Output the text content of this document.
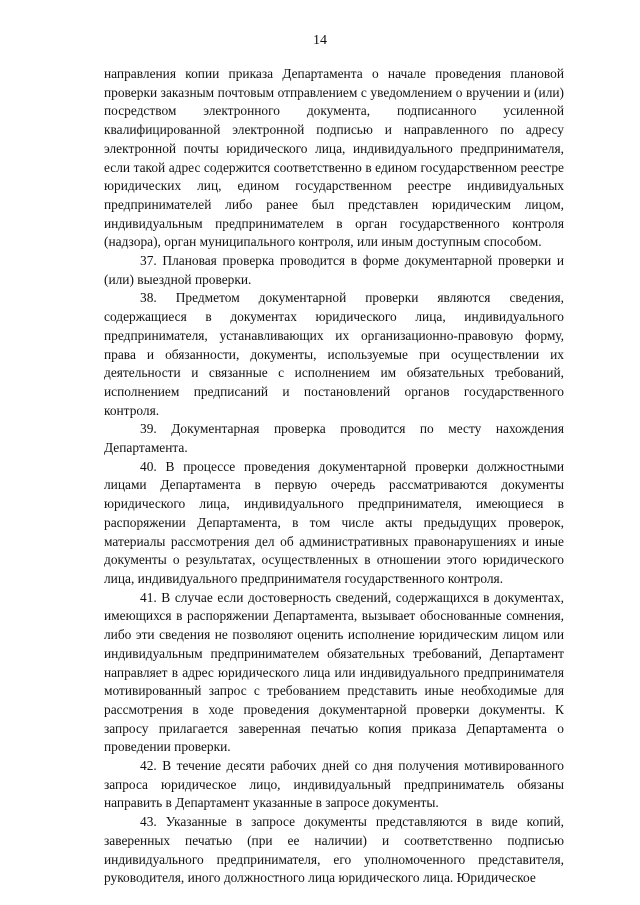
14

направления копии приказа Департамента о начале проведения плановой проверки заказным почтовым отправлением с уведомлением о вручении и (или) посредством электронного документа, подписанного усиленной квалифицированной электронной подписью и направленного по адресу электронной почты юридического лица, индивидуального предпринимателя, если такой адрес содержится соответственно в едином государственном реестре юридических лиц, едином государственном реестре индивидуальных предпринимателей либо ранее был представлен юридическим лицом, индивидуальным предпринимателем в орган государственного контроля (надзора), орган муниципального контроля, или иным доступным способом.

37. Плановая проверка проводится в форме документарной проверки и (или) выездной проверки.

38. Предметом документарной проверки являются сведения, содержащиеся в документах юридического лица, индивидуального предпринимателя, устанавливающих их организационно-правовую форму, права и обязанности, документы, используемые при осуществлении их деятельности и связанные с исполнением им обязательных требований, исполнением предписаний и постановлений органов государственного контроля.

39. Документарная проверка проводится по месту нахождения Департамента.

40. В процессе проведения документарной проверки должностными лицами Департамента в первую очередь рассматриваются документы юридического лица, индивидуального предпринимателя, имеющиеся в распоряжении Департамента, в том числе акты предыдущих проверок, материалы рассмотрения дел об административных правонарушениях и иные документы о результатах, осуществленных в отношении этого юридического лица, индивидуального предпринимателя государственного контроля.

41. В случае если достоверность сведений, содержащихся в документах, имеющихся в распоряжении Департамента, вызывает обоснованные сомнения, либо эти сведения не позволяют оценить исполнение юридическим лицом или индивидуальным предпринимателем обязательных требований, Департамент направляет в адрес юридического лица или индивидуального предпринимателя мотивированный запрос с требованием представить иные необходимые для рассмотрения в ходе проведения документарной проверки документы. К запросу прилагается заверенная печатью копия приказа Департамента о проведении проверки.

42. В течение десяти рабочих дней со дня получения мотивированного запроса юридическое лицо, индивидуальный предприниматель обязаны направить в Департамент указанные в запросе документы.

43. Указанные в запросе документы представляются в виде копий, заверенных печатью (при ее наличии) и соответственно подписью индивидуального предпринимателя, его уполномоченного представителя, руководителя, иного должностного лица юридического лица. Юридическое
